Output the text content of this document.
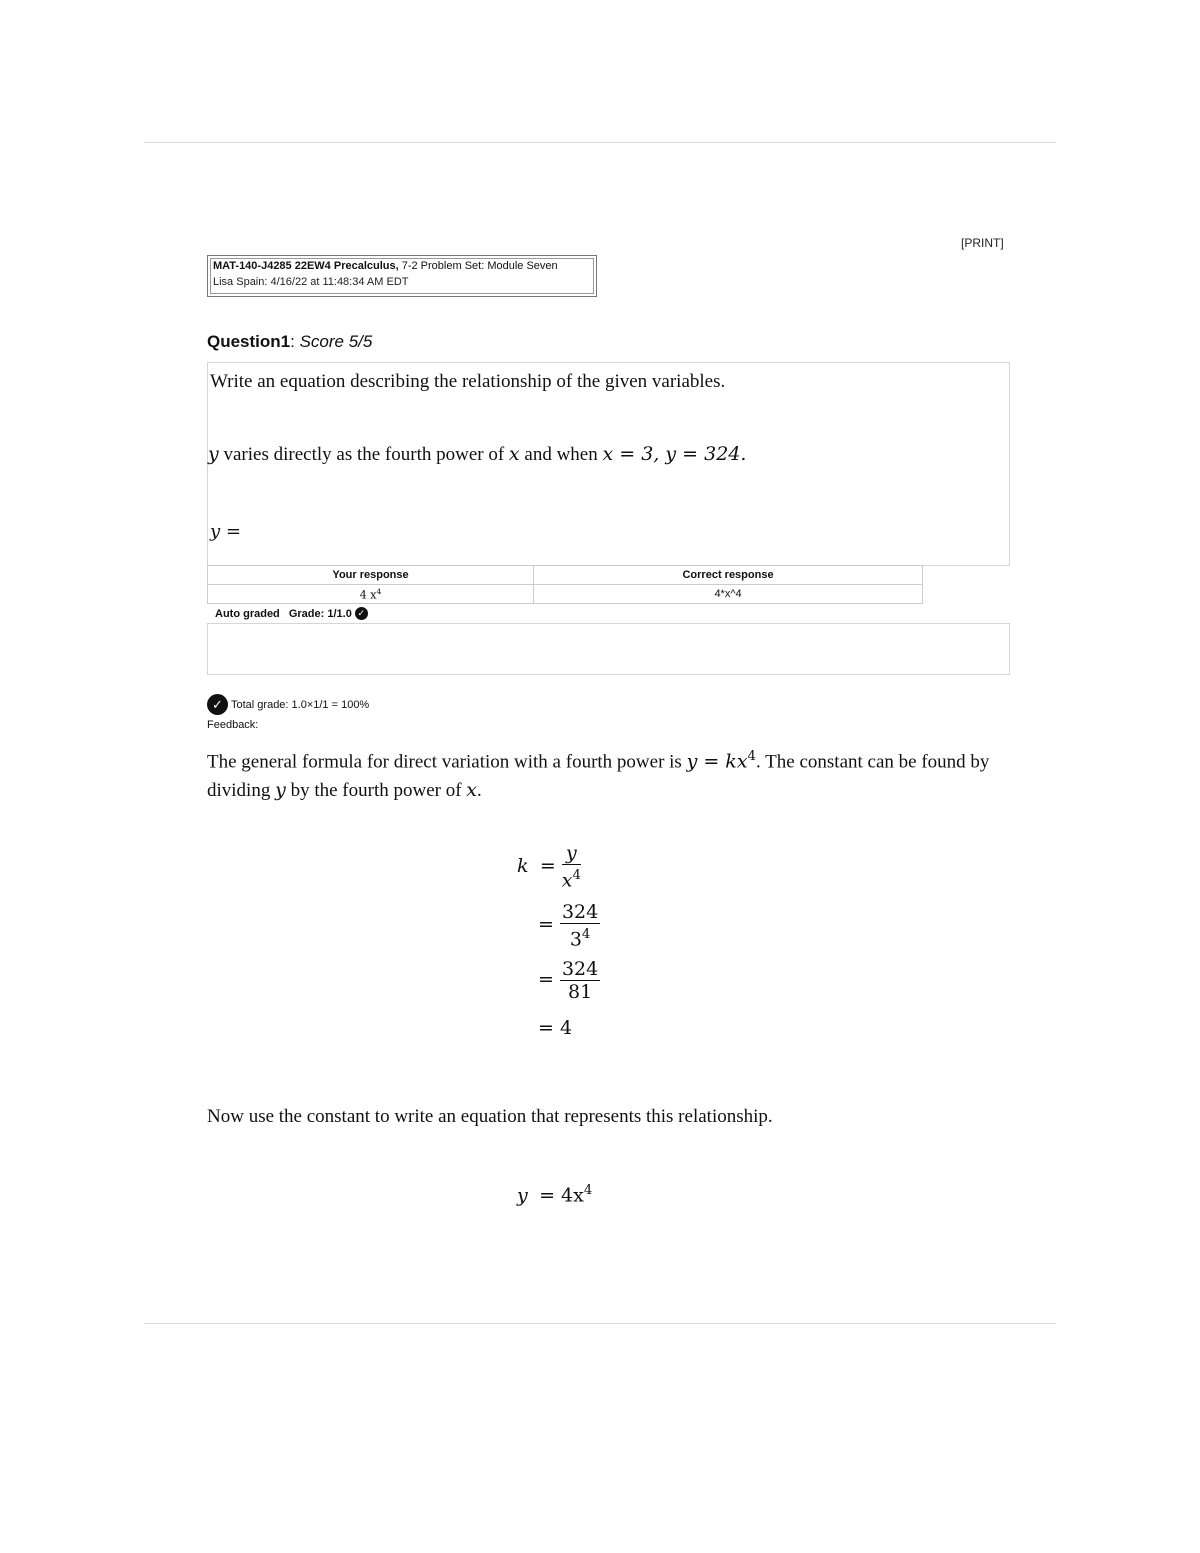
[PRINT]
MAT-140-J4285 22EW4 Precalculus, 7-2 Problem Set: Module Seven
Lisa Spain: 4/16/22 at 11:48:34 AM EDT
Question1: Score 5/5
Write an equation describing the relationship of the given variables.
y varies directly as the fourth power of x and when x = 3, y = 324.
y =
Your response	Correct response
4 $x^4$	4*x^4
Auto graded
Grade: 1/1.0 ✓
✓ Total grade: 1.0×1/1 = 100%
Feedback:
The general formula for direct variation with a fourth power is $y = kx^4$. The constant can be found by dividing y by the fourth power of x.
$k = \frac{y}{x^4}$
= $\frac{324}{3^4}$
= $\frac{324}{81}$
= 4
Now use the constant to write an equation that represents this relationship.
$y = 4x^4$
